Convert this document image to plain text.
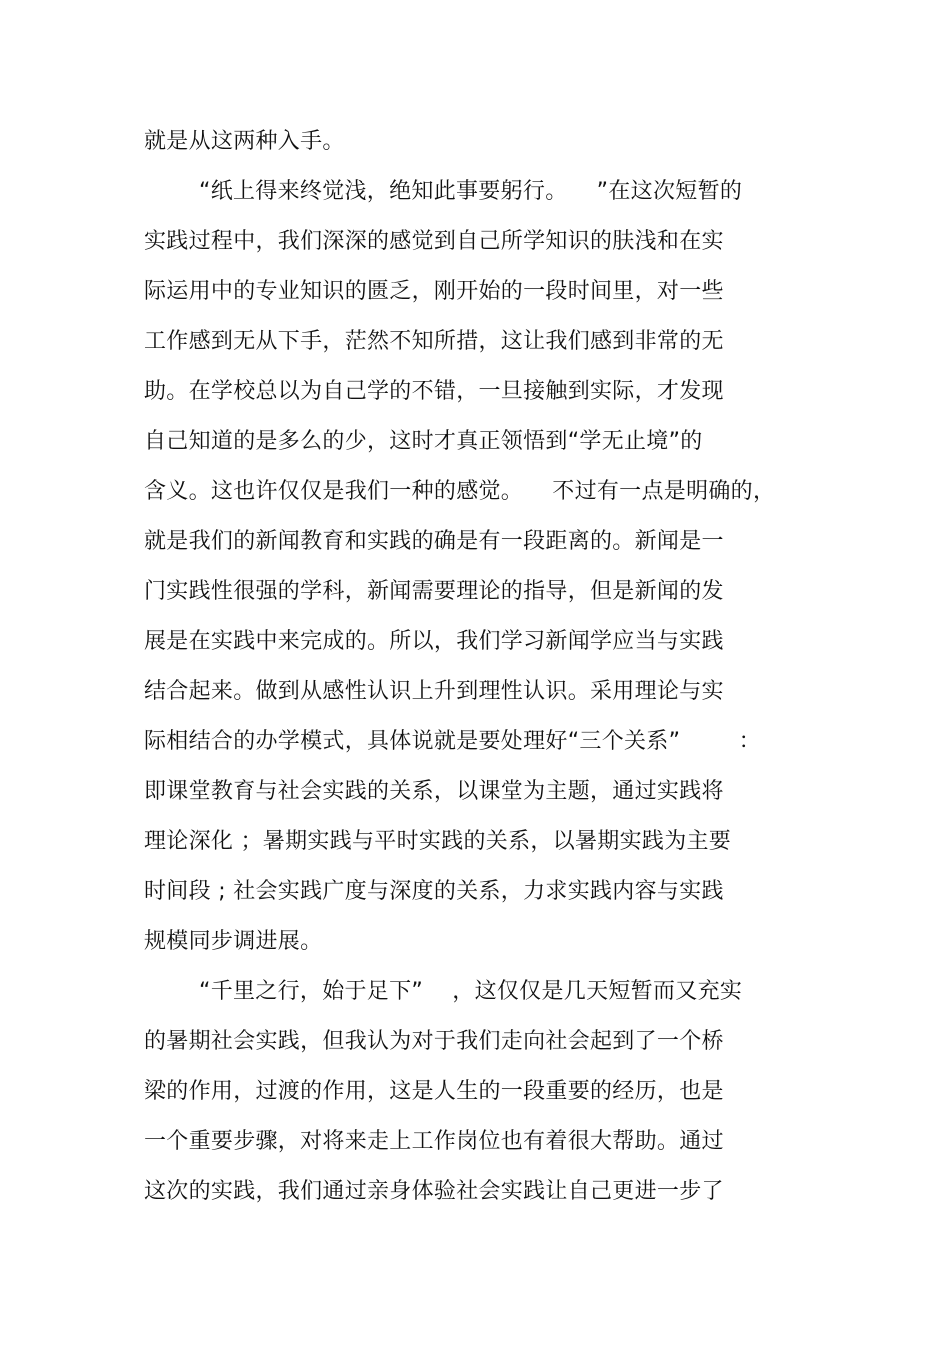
就是从这两种入手。
“纸上得来终觉浅，绝知此事要躬行。    ”在这次短暂的
实践过程中，我们深深的感觉到自己所学知识的肤浅和在实
际运用中的专业知识的匮乏，刚开始的一段时间里，对一些
工作感到无从下手，茫然不知所措，这让我们感到非常的无
助。在学校总以为自己学的不错，一旦接触到实际，才发现
自己知道的是多么的少，这时才真正领悟到“学无止境”的
含义。这也许仅仅是我们一种的感觉。    不过有一点是明确的，
就是我们的新闻教育和实践的确是有一段距离的。新闻是一
门实践性很强的学科，新闻需要理论的指导，但是新闻的发
展是在实践中来完成的。所以，我们学习新闻学应当与实践
结合起来。做到从感性认识上升到理性认识。采用理论与实
际相结合的办学模式，具体说就是要处理好“三个关系”        ：
即课堂教育与社会实践的关系，以课堂为主题，通过实践将
理论深化 ；暑期实践与平时实践的关系，以暑期实践为主要
时间段 ; 社会实践广度与深度的关系，力求实践内容与实践
规模同步调进展。
“千里之行，始于足下”    ，这仅仅是几天短暂而又充实
的暑期社会实践，但我认为对于我们走向社会起到了一个桥
梁的作用，过渡的作用，这是人生的一段重要的经历，也是
一个重要步骤，对将来走上工作岗位也有着很大帮助。通过
这次的实践，我们通过亲身体验社会实践让自己更进一步了
